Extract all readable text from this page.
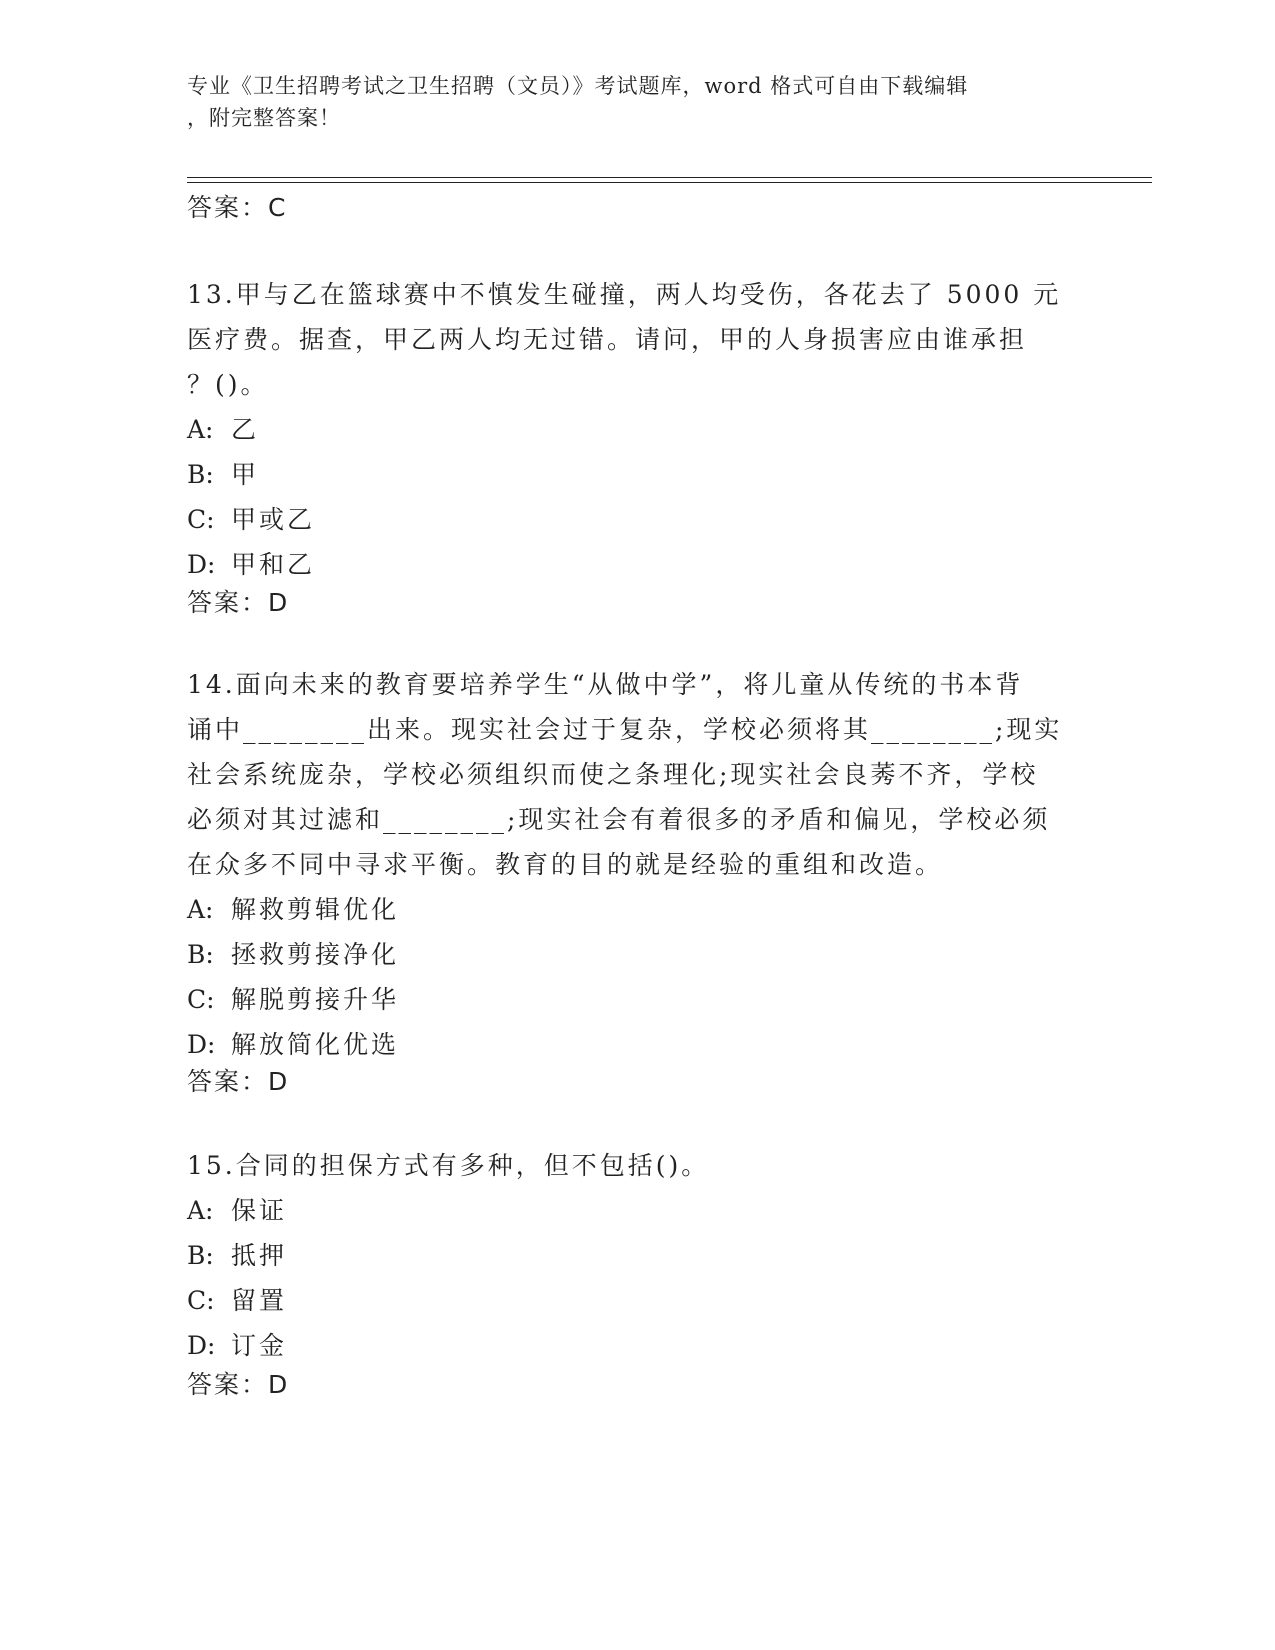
专业《卫生招聘考试之卫生招聘（文员）》考试题库，word 格式可自由下载编辑
，附完整答案！
答案：C

13.甲与乙在篮球赛中不慎发生碰撞，两人均受伤，各花去了 5000 元

医疗费。据查，甲乙两人均无过错。请问，甲的人身损害应由谁承担

？()。

A: 乙

B: 甲

C: 甲或乙

D: 甲和乙

答案：D

14.面向未来的教育要培养学生“从做中学”，将儿童从传统的书本背

诵中________出来。现实社会过于复杂，学校必须将其________;现实

社会系统庞杂，学校必须组织而使之条理化;现实社会良莠不齐，学校

必须对其过滤和________;现实社会有着很多的矛盾和偏见，学校必须

在众多不同中寻求平衡。教育的目的就是经验的重组和改造。

A: 解救剪辑优化

B: 拯救剪接净化

C: 解脱剪接升华

D: 解放简化优选

答案：D

15.合同的担保方式有多种，但不包括()。

A: 保证

B: 抵押

C: 留置

D: 订金

答案：D
